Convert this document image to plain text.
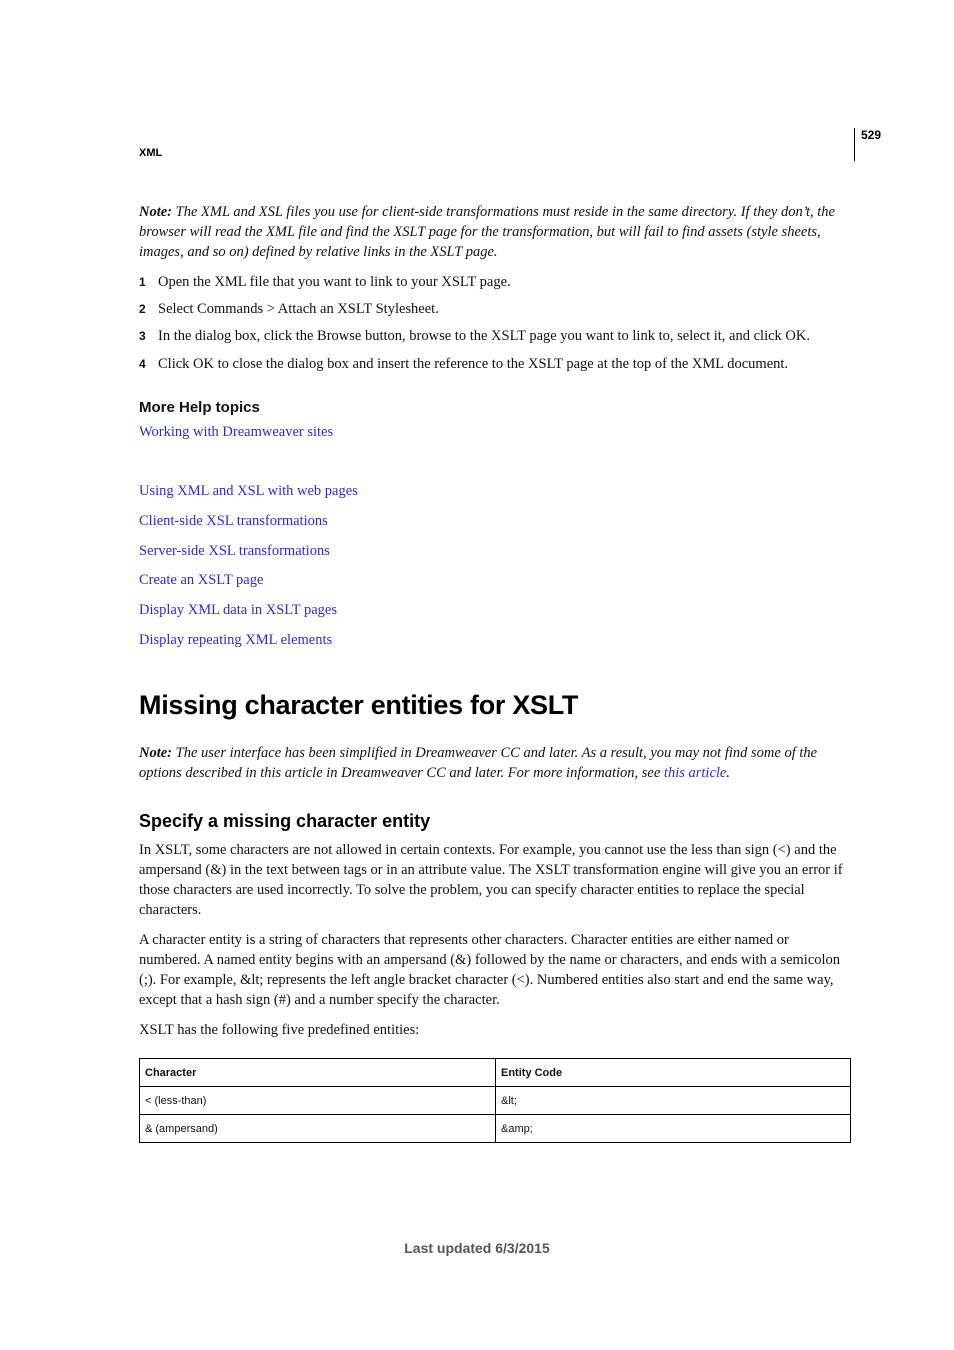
529
XML
Note: The XML and XSL files you use for client-side transformations must reside in the same directory. If they don’t, the browser will read the XML file and find the XSLT page for the transformation, but will fail to find assets (style sheets, images, and so on) defined by relative links in the XSLT page.
1 Open the XML file that you want to link to your XSLT page.
2 Select Commands > Attach an XSLT Stylesheet.
3 In the dialog box, click the Browse button, browse to the XSLT page you want to link to, select it, and click OK.
4 Click OK to close the dialog box and insert the reference to the XSLT page at the top of the XML document.
More Help topics
Working with Dreamweaver sites
Using XML and XSL with web pages
Client-side XSL transformations
Server-side XSL transformations
Create an XSLT page
Display XML data in XSLT pages
Display repeating XML elements
Missing character entities for XSLT
Note: The user interface has been simplified in Dreamweaver CC and later. As a result, you may not find some of the options described in this article in Dreamweaver CC and later. For more information, see this article.
Specify a missing character entity
In XSLT, some characters are not allowed in certain contexts. For example, you cannot use the less than sign (<) and the ampersand (&) in the text between tags or in an attribute value. The XSLT transformation engine will give you an error if those characters are used incorrectly. To solve the problem, you can specify character entities to replace the special characters.
A character entity is a string of characters that represents other characters. Character entities are either named or numbered. A named entity begins with an ampersand (&) followed by the name or characters, and ends with a semicolon (;). For example, &lt; represents the left angle bracket character (<). Numbered entities also start and end the same way, except that a hash sign (#) and a number specify the character.
XSLT has the following five predefined entities:
Character	Entity Code
< (less-than)	&lt;
& (ampersand)	&amp;
Last updated 6/3/2015
